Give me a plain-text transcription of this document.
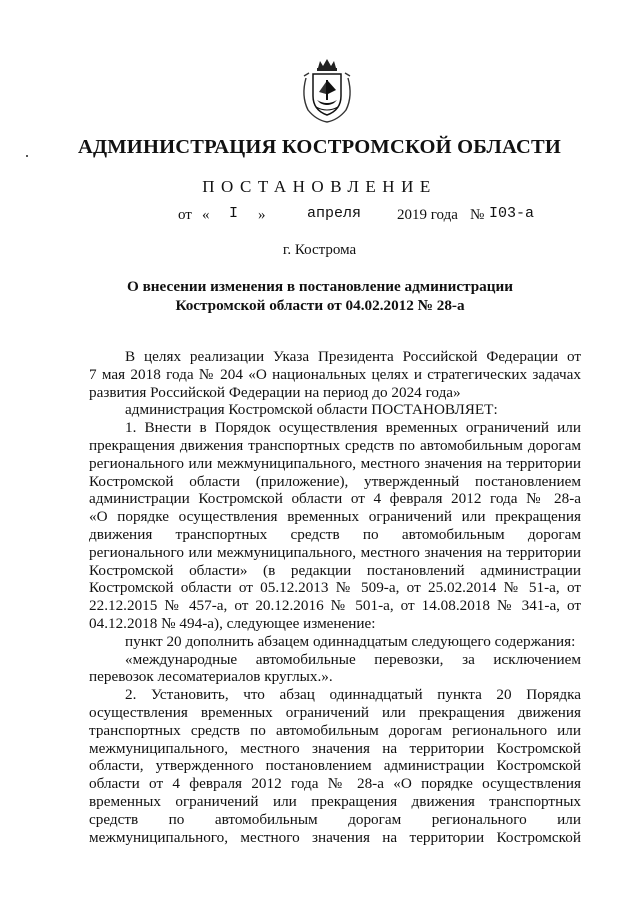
АДМИНИСТРАЦИЯ КОСТРОМСКОЙ ОБЛАСТИ
ПОСТАНОВЛЕНИЕ
от « I »	апреля 2019 года № I03-а
г. Кострома
О внесении изменения в постановление администрации
Костромской области от 04.02.2012 № 28-а
В целях реализации Указа Президента Российской Федерации от
7 мая 2018 года № 204 «О национальных целях и стратегических задачах
развития Российской Федерации на период до 2024 года»
администрация Костромской области ПОСТАНОВЛЯЕТ:
1. Внести в Порядок осуществления временных ограничений или
прекращения движения транспортных средств по автомобильным дорогам
регионального или межмуниципального, местного значения на территории
Костромской области (приложение), утвержденный постановлением
администрации Костромской области от 4 февраля 2012 года № 28-а
«О порядке осуществления временных ограничений или прекращения
движения транспортных средств по автомобильным дорогам
регионального или межмуниципального, местного значения на территории
Костромской области» (в редакции постановлений администрации
Костромской области от 05.12.2013 № 509-а, от 25.02.2014 № 51-а, от
22.12.2015 № 457-а, от 20.12.2016 № 501-а, от 14.08.2018 № 341-а, от
04.12.2018 № 494-а), следующее изменение:
пункт 20 дополнить абзацем одиннадцатым следующего содержания:
«международные автомобильные перевозки, за исключением
перевозок лесоматериалов круглых.».
2. Установить, что абзац одиннадцатый пункта 20 Порядка
осуществления временных ограничений или прекращения движения
транспортных средств по автомобильным дорогам регионального или
межмуниципального, местного значения на территории Костромской
области, утвержденного постановлением администрации Костромской
области от 4 февраля 2012 года № 28-а «О порядке осуществления
временных ограничений или прекращения движения транспортных
средств по автомобильным дорогам регионального или
межмуниципального, местного значения на территории Костромской
